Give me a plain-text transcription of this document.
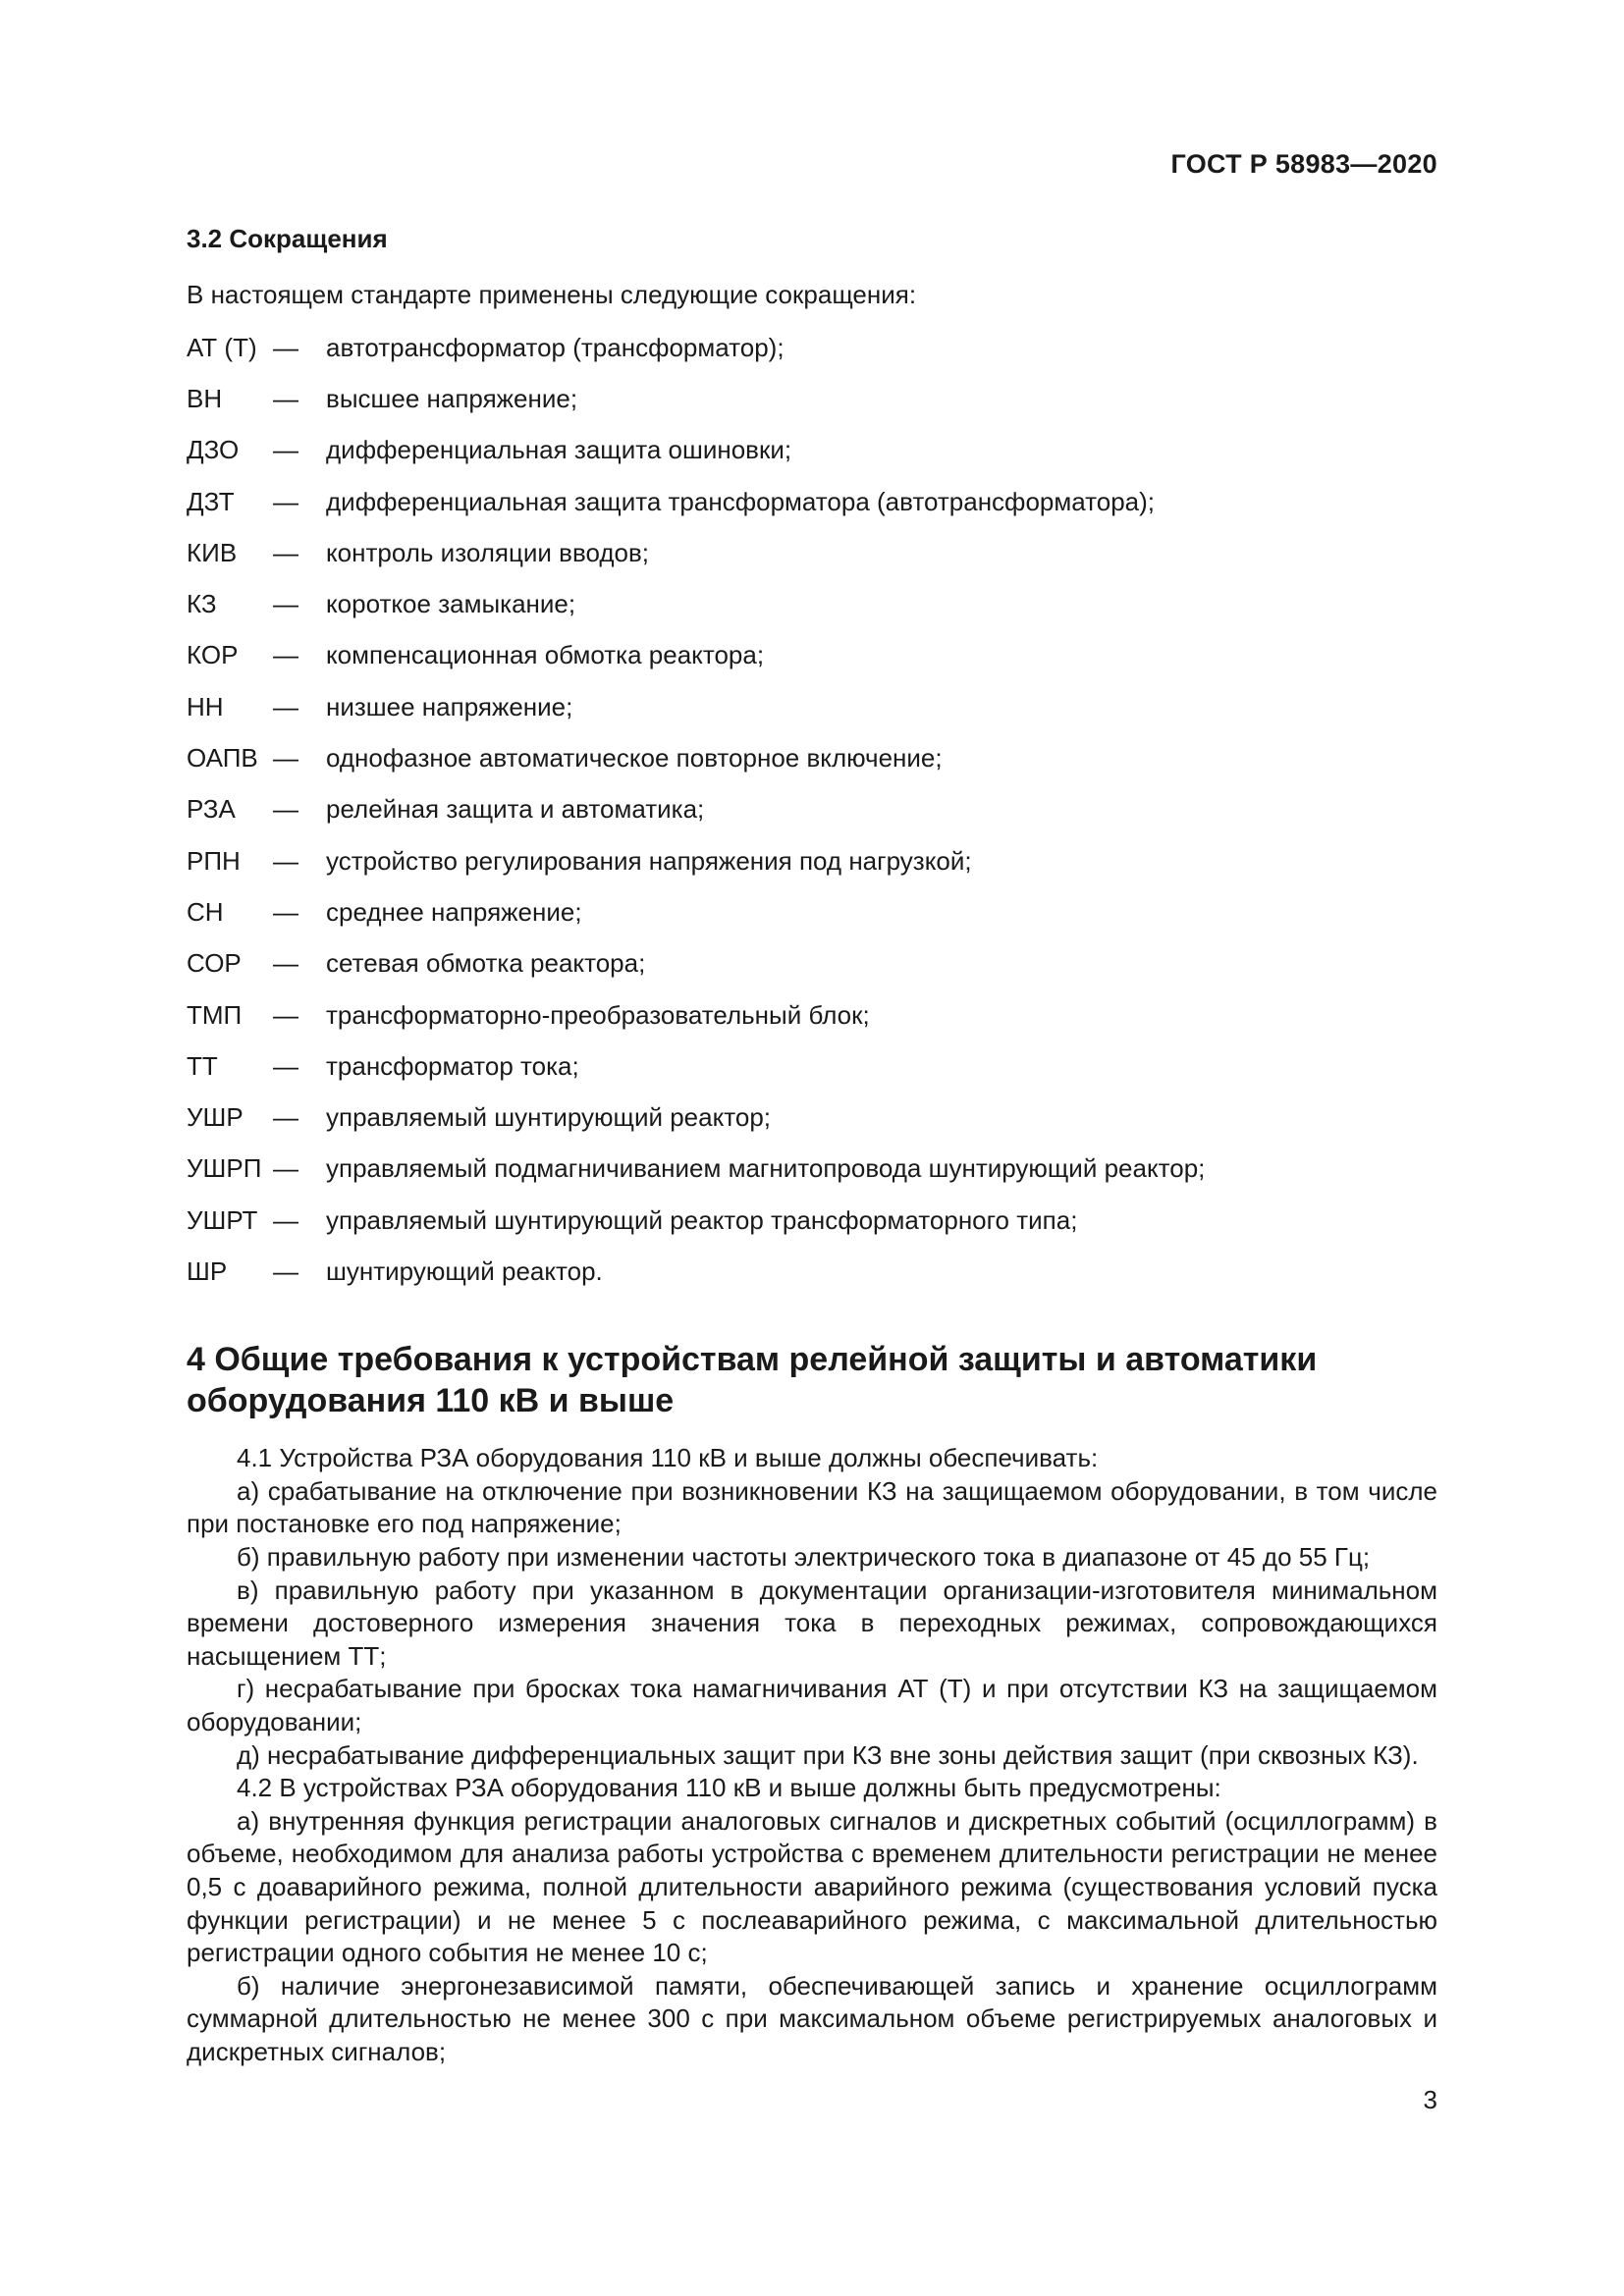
ГОСТ Р 58983—2020
3.2 Сокращения
В настоящем стандарте применены следующие сокращения:
АТ (Т) —	автотрансформатор (трансформатор);
ВН	—	высшее напряжение;
ДЗО	—	дифференциальная защита ошиновки;
ДЗТ	—	дифференциальная защита трансформатора (автотрансформатора);
КИВ	—	контроль изоляции вводов;
КЗ	—	короткое замыкание;
КОР	—	компенсационная обмотка реактора;
НН	—	низшее напряжение;
ОАПВ —	однофазное автоматическое повторное включение;
РЗА	—	релейная защита и автоматика;
РПН	—	устройство регулирования напряжения под нагрузкой;
СН	—	среднее напряжение;
СОР	—	сетевая обмотка реактора;
ТМП	—	трансформаторно-преобразовательный блок;
ТТ	—	трансформатор тока;
УШР	—	управляемый шунтирующий реактор;
УШРП —	управляемый подмагничиванием магнитопровода шунтирующий реактор;
УШРТ —	управляемый шунтирующий реактор трансформаторного типа;
ШР	—	шунтирующий реактор.
4 Общие требования к устройствам релейной защиты и автоматики
оборудования 110 кВ и выше

4.1 Устройства РЗА оборудования 110 кВ и выше должны обеспечивать:

а) срабатывание на отключение при возникновении КЗ на защищаемом оборудовании, в том числе при постановке его под напряжение;

б) правильную работу при изменении частоты электрического тока в диапазоне от 45 до 55 Гц;

в) правильную работу при указанном в документации организации-изготовителя минимальном времени достоверного измерения значения тока в переходных режимах, сопровождающихся насыщением ТТ;

г) несрабатывание при бросках тока намагничивания АТ (Т) и при отсутствии КЗ на защищаемом оборудовании;

д) несрабатывание дифференциальных защит при КЗ вне зоны действия защит (при сквозных КЗ).

4.2 В устройствах РЗА оборудования 110 кВ и выше должны быть предусмотрены:

а) внутренняя функция регистрации аналоговых сигналов и дискретных событий (осциллограмм) в объеме, необходимом для анализа работы устройства с временем длительности регистрации не менее 0,5 с доаварийного режима, полной длительности аварийного режима (существования условий пуска функции регистрации) и не менее 5 с послеаварийного режима, с максимальной длительностью регистрации одного события не менее 10 с;

б) наличие энергонезависимой памяти, обеспечивающей запись и хранение осциллограмм суммарной длительностью не менее 300 с при максимальном объеме регистрируемых аналоговых и дискретных сигналов;

3
